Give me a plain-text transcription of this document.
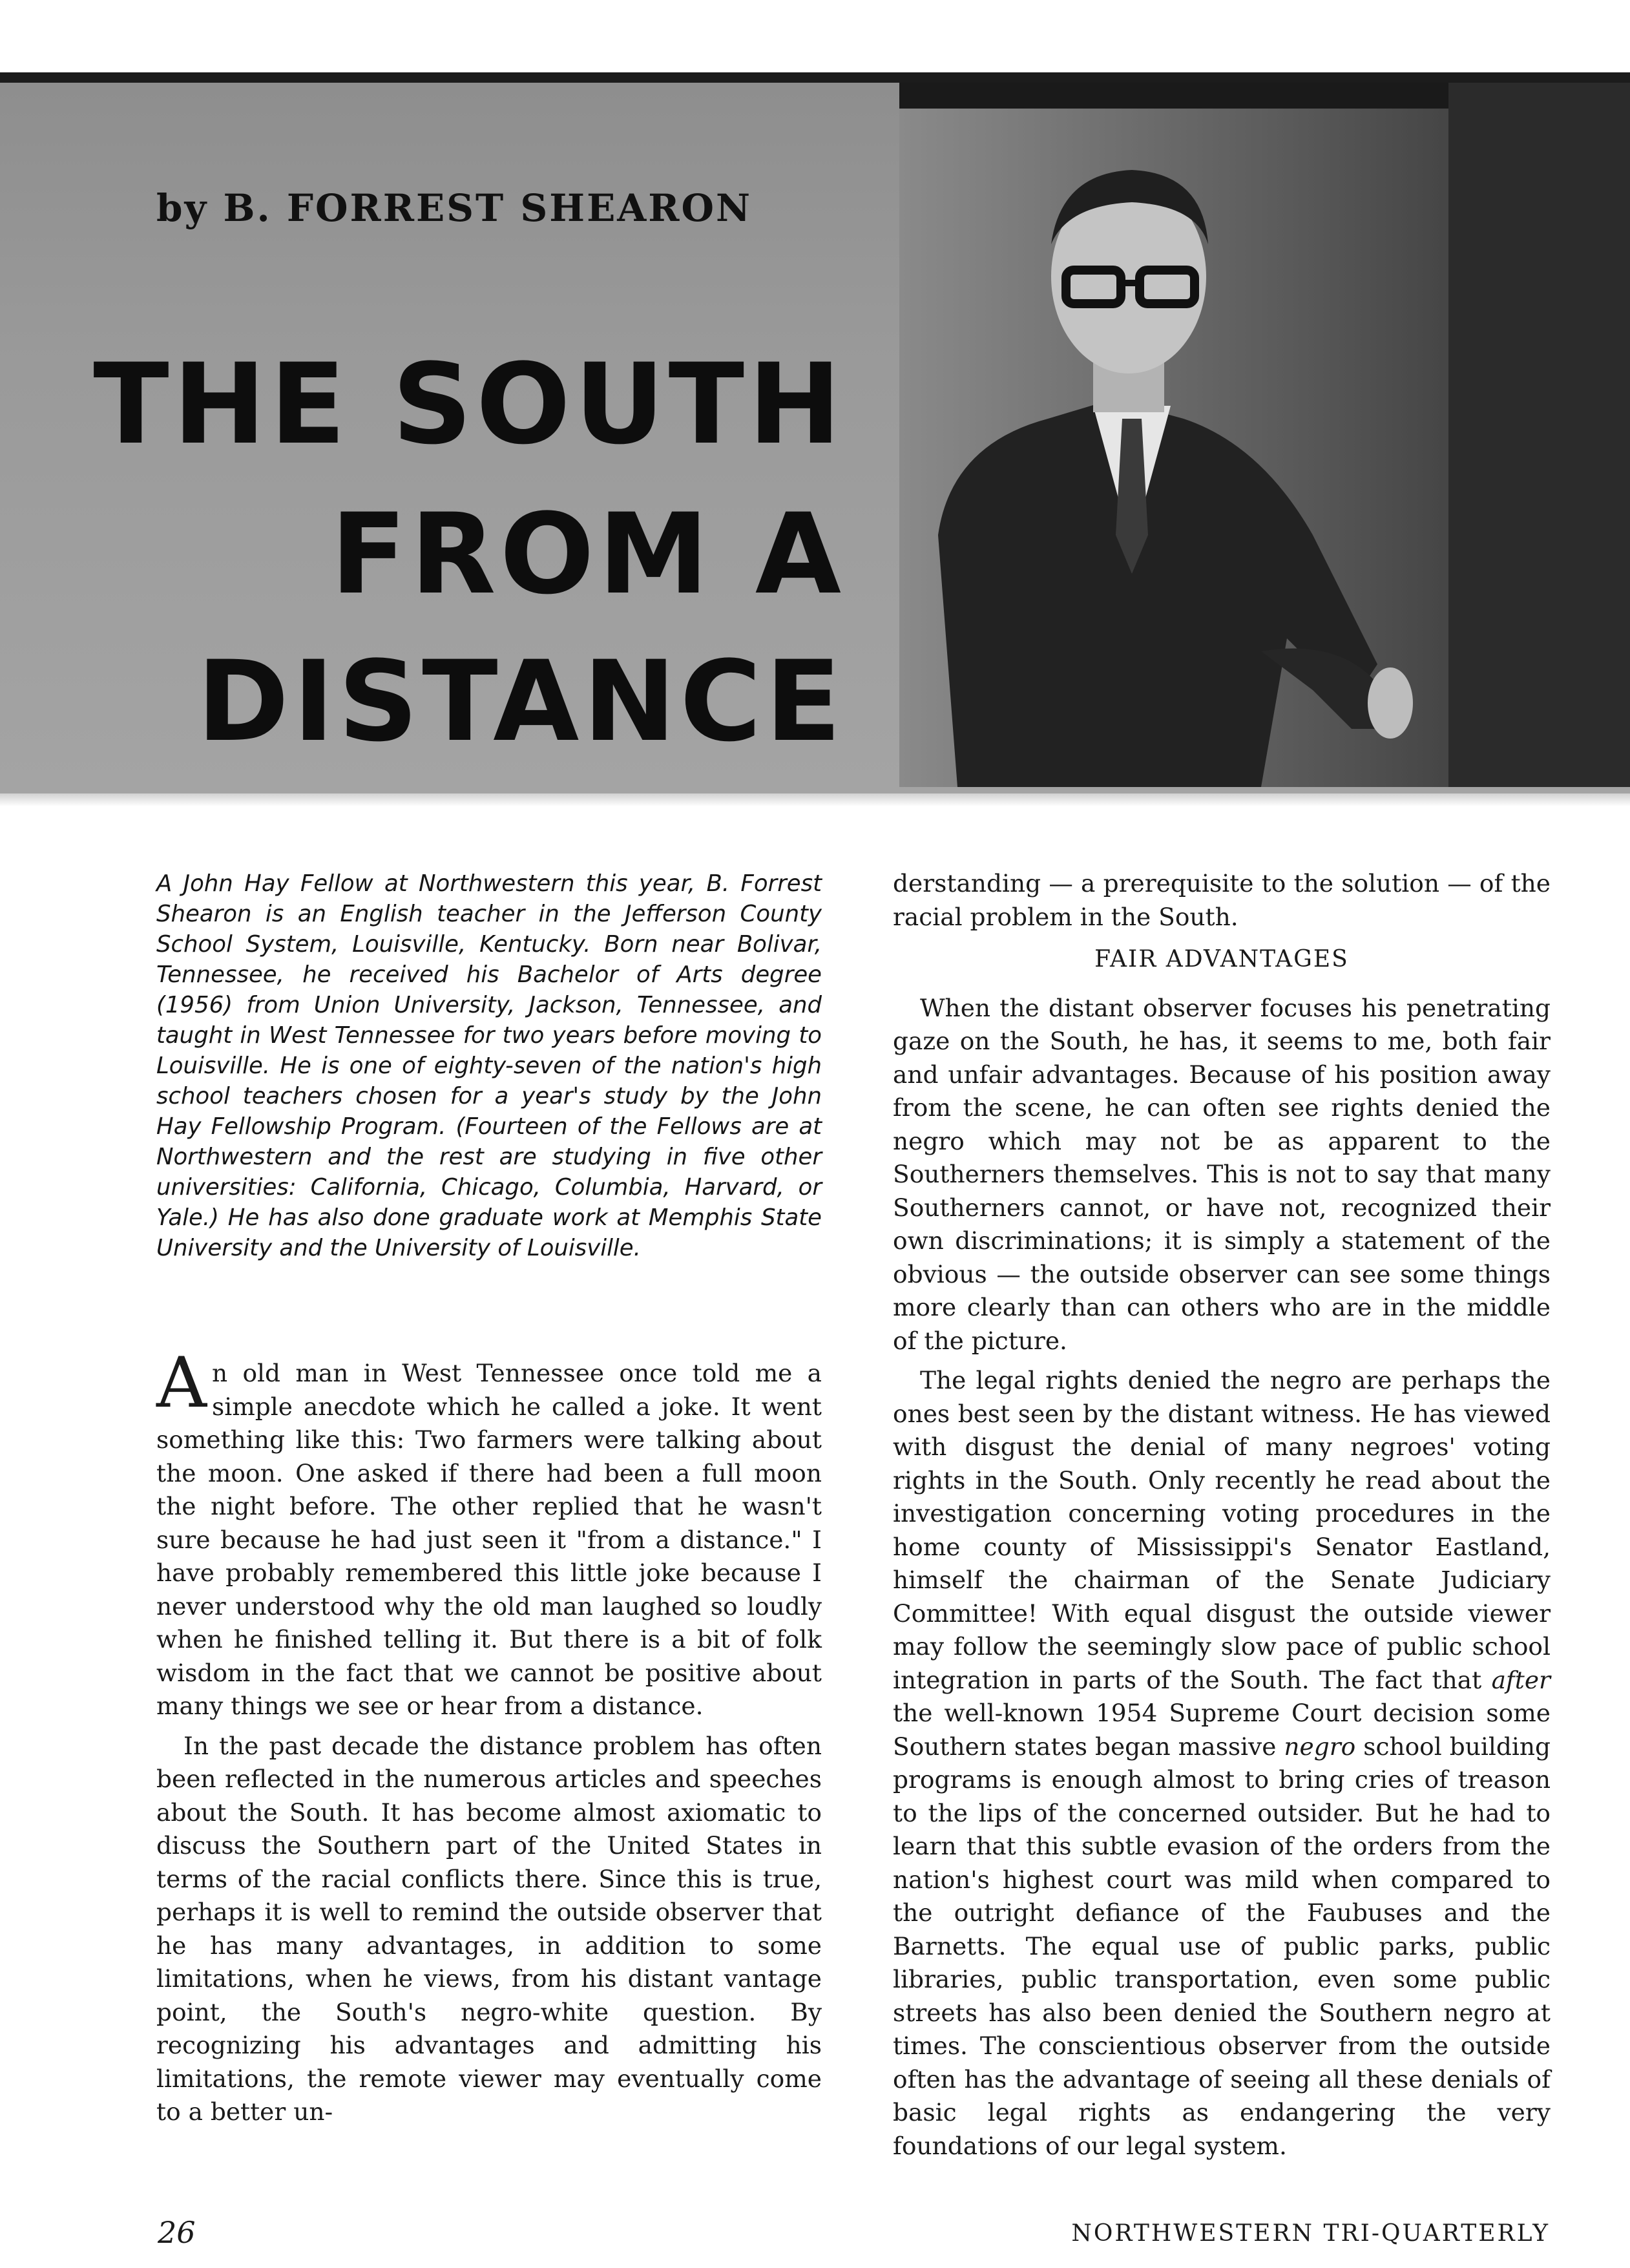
by B. FORREST SHEARON
THE SOUTH
FROM A
DISTANCE
A John Hay Fellow at Northwestern this year, B. Forrest Shearon is an English teacher in the Jefferson County School System, Louisville, Kentucky. Born near Bolivar, Tennessee, he received his Bachelor of Arts degree (1956) from Union University, Jackson, Tennessee, and taught in West Tennessee for two years before moving to Louisville. He is one of eighty-seven of the nation's high school teachers chosen for a year's study by the John Hay Fellowship Program. (Fourteen of the Fellows are at Northwestern and the rest are studying in five other universities: California, Chicago, Columbia, Harvard, or Yale.) He has also done graduate work at Memphis State University and the University of Louisville.

An old man in West Tennessee once told me a simple anecdote which he called a joke. It went something like this: Two farmers were talking about the moon. One asked if there had been a full moon the night before. The other replied that he wasn't sure because he had just seen it "from a distance." I have probably remembered this little joke because I never understood why the old man laughed so loudly when he finished telling it. But there is a bit of folk wisdom in the fact that we cannot be positive about many things we see or hear from a distance.

In the past decade the distance problem has often been reflected in the numerous articles and speeches about the South. It has become almost axiomatic to discuss the Southern part of the United States in terms of the racial conflicts there. Since this is true, perhaps it is well to remind the outside observer that he has many advantages, in addition to some limitations, when he views, from his distant vantage point, the South's negro-white question. By recognizing his advantages and admitting his limitations, the remote viewer may eventually come to a better un-

derstanding — a prerequisite to the solution — of the racial problem in the South.

FAIR ADVANTAGES

When the distant observer focuses his penetrating gaze on the South, he has, it seems to me, both fair and unfair advantages. Because of his position away from the scene, he can often see rights denied the negro which may not be as apparent to the Southerners themselves. This is not to say that many Southerners cannot, or have not, recognized their own discriminations; it is simply a statement of the obvious — the outside observer can see some things more clearly than can others who are in the middle of the picture.

The legal rights denied the negro are perhaps the ones best seen by the distant witness. He has viewed with disgust the denial of many negroes' voting rights in the South. Only recently he read about the investigation concerning voting procedures in the home county of Mississippi's Senator Eastland, himself the chairman of the Senate Judiciary Committee! With equal disgust the outside viewer may follow the seemingly slow pace of public school integration in parts of the South. The fact that after the well-known 1954 Supreme Court decision some Southern states began massive negro school building programs is enough almost to bring cries of treason to the lips of the concerned outsider. But he had to learn that this subtle evasion of the orders from the nation's highest court was mild when compared to the outright defiance of the Faubuses and the Barnetts. The equal use of public parks, public libraries, public transportation, even some public streets has also been denied the Southern negro at times. The conscientious observer from the outside often has the advantage of seeing all these denials of basic legal rights as endangering the very foundations of our legal system.

26	NORTHWESTERN TRI-QUARTERLY
